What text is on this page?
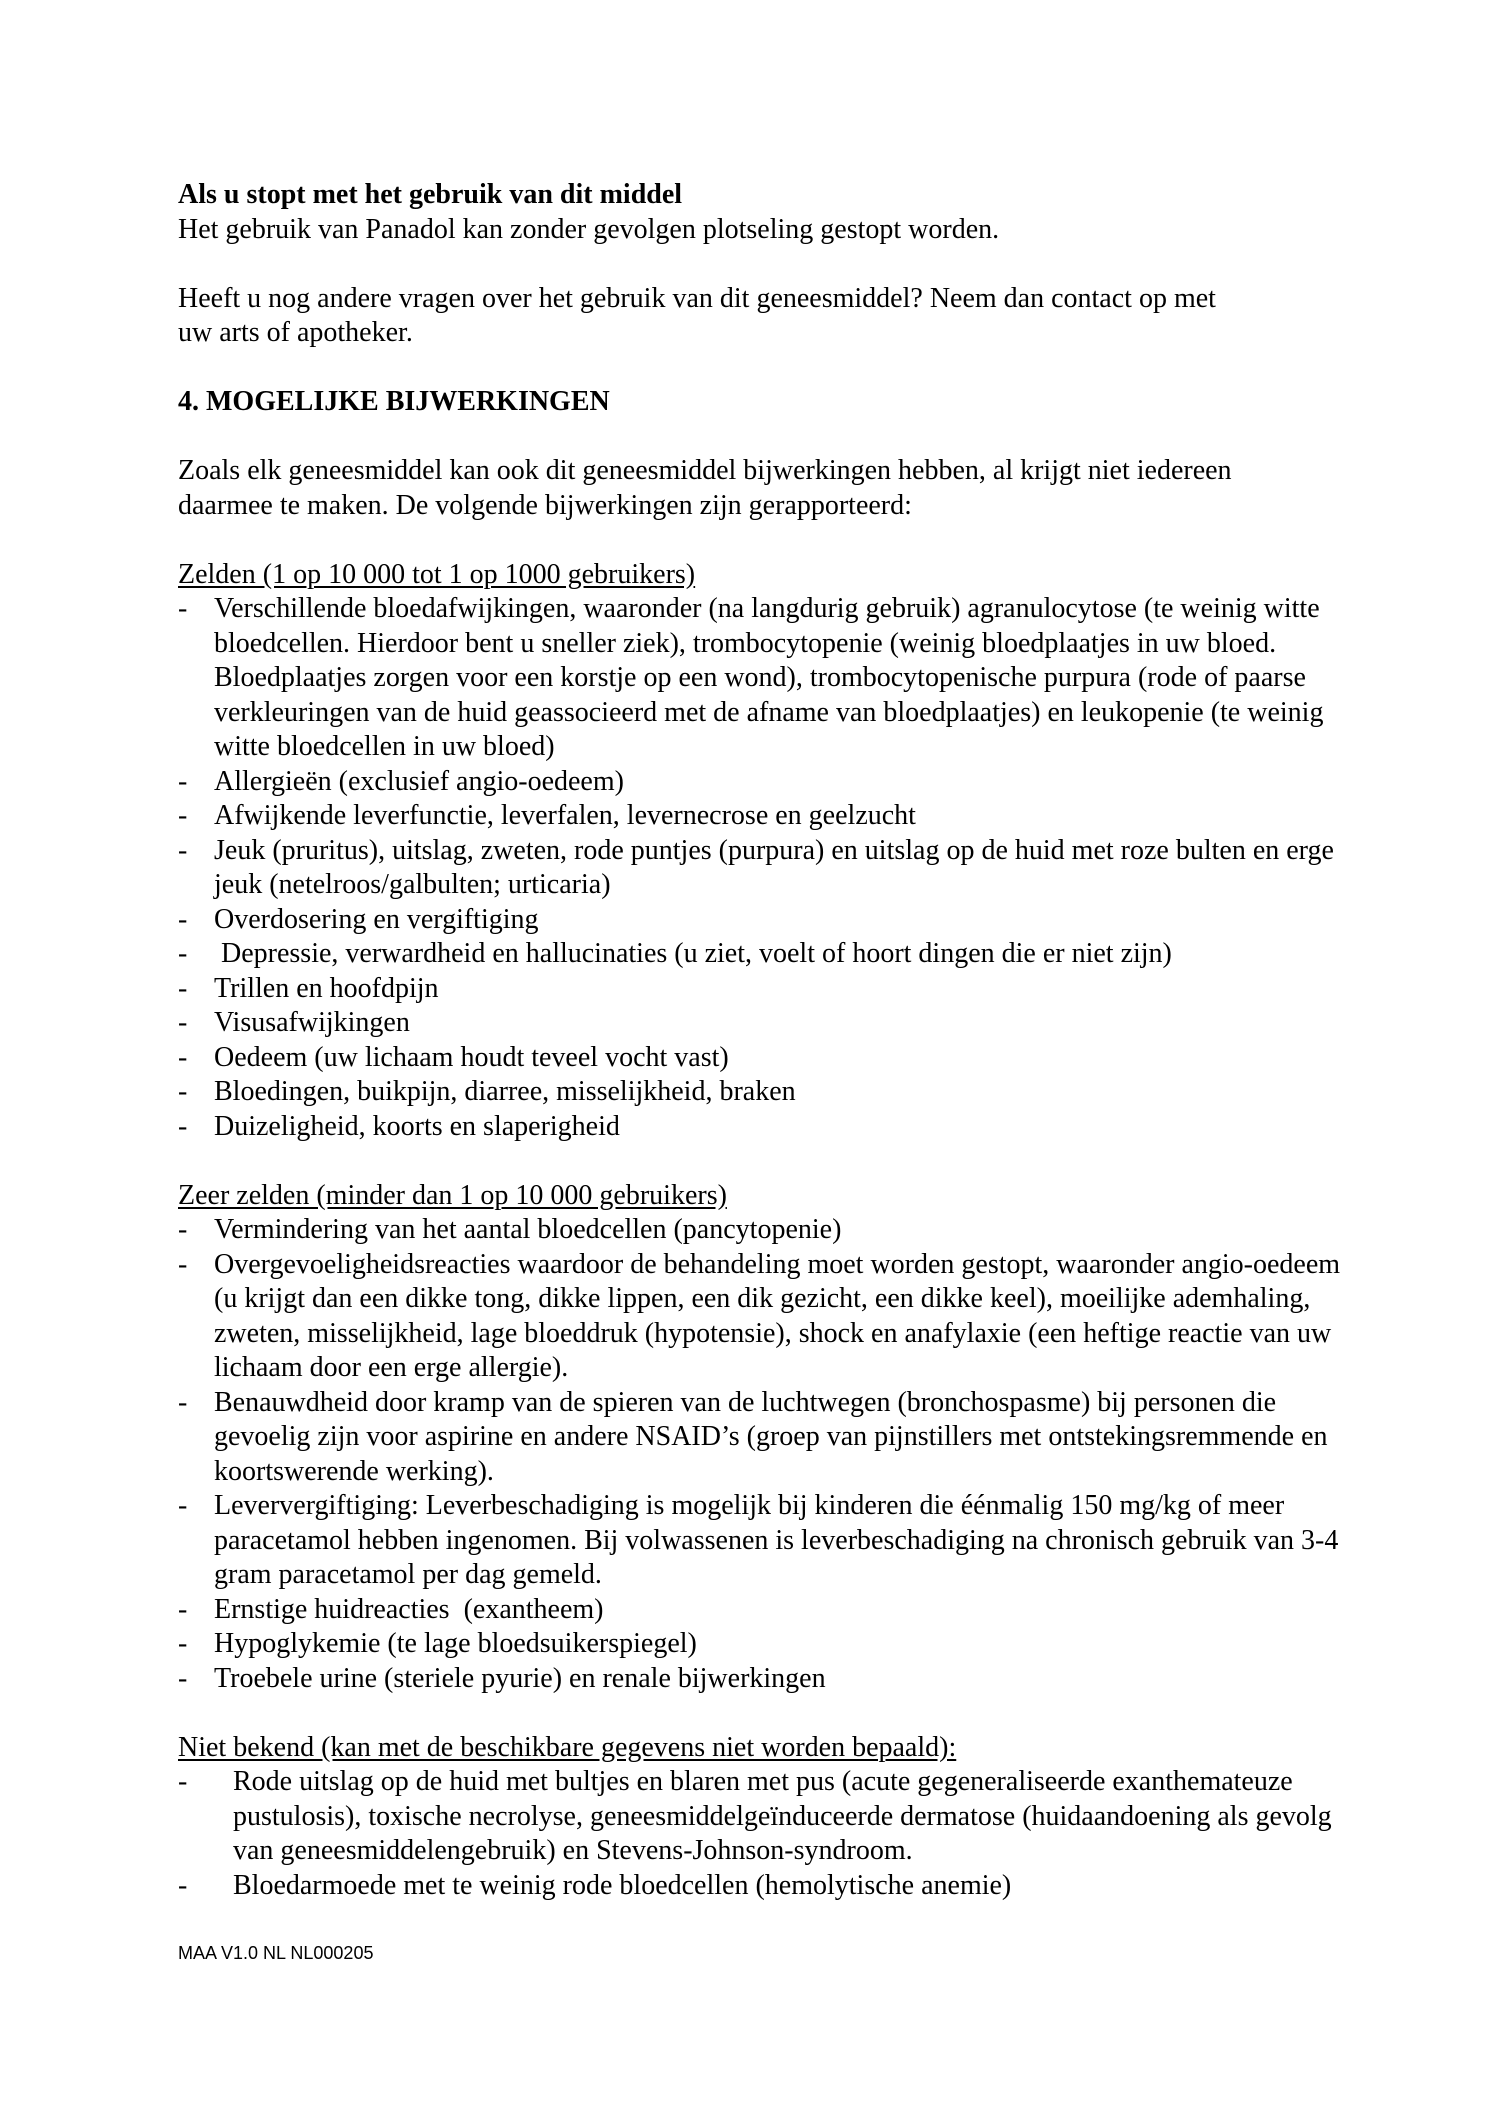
Als u stopt met het gebruik van dit middel
Het gebruik van Panadol kan zonder gevolgen plotseling gestopt worden.
Heeft u nog andere vragen over het gebruik van dit geneesmiddel? Neem dan contact op met
uw arts of apotheker.
4. MOGELIJKE BIJWERKINGEN
Zoals elk geneesmiddel kan ook dit geneesmiddel bijwerkingen hebben, al krijgt niet iedereen
daarmee te maken. De volgende bijwerkingen zijn gerapporteerd:
Zelden (1 op 10 000 tot 1 op 1000 gebruikers)
- Verschillende bloedafwijkingen, waaronder (na langdurig gebruik) agranulocytose (te weinig witte bloedcellen. Hierdoor bent u sneller ziek), trombocytopenie (weinig bloedplaatjes in uw bloed. Bloedplaatjes zorgen voor een korstje op een wond), trombocytopenische purpura (rode of paarse verkleuringen van de huid geassocieerd met de afname van bloedplaatjes) en leukopenie (te weinig witte bloedcellen in uw bloed)
- Allergieën (exclusief angio-oedeem)
- Afwijkende leverfunctie, leverfalen, levernecrose en geelzucht
- Jeuk (pruritus), uitslag, zweten, rode puntjes (purpura) en uitslag op de huid met roze bulten en erge jeuk (netelroos/galbulten; urticaria)
- Overdosering en vergiftiging
- Depressie, verwardheid en hallucinaties (u ziet, voelt of hoort dingen die er niet zijn)
- Trillen en hoofdpijn
- Visusafwijkingen
- Oedeem (uw lichaam houdt teveel vocht vast)
- Bloedingen, buikpijn, diarree, misselijkheid, braken
- Duizeligheid, koorts en slaperigheid
Zeer zelden (minder dan 1 op 10 000 gebruikers)
- Vermindering van het aantal bloedcellen (pancytopenie)
- Overgevoeligheidsreacties waardoor de behandeling moet worden gestopt, waaronder angio-oedeem (u krijgt dan een dikke tong, dikke lippen, een dik gezicht, een dikke keel), moeilijke ademhaling, zweten, misselijkheid, lage bloeddruk (hypotensie), shock en anafylaxie (een heftige reactie van uw lichaam door een erge allergie).
- Benauwdheid door kramp van de spieren van de luchtwegen (bronchospasme) bij personen die gevoelig zijn voor aspirine en andere NSAID’s (groep van pijnstillers met ontstekingsremmende en koortswerende werking).
- Leververgiftiging: Leverbeschadiging is mogelijk bij kinderen die éénmalig 150 mg/kg of meer paracetamol hebben ingenomen. Bij volwassenen is leverbeschadiging na chronisch gebruik van 3-4 gram paracetamol per dag gemeld.
- Ernstige huidreacties  (exantheem)
- Hypoglykemie (te lage bloedsuikerspiegel)
- Troebele urine (steriele pyurie) en renale bijwerkingen
Niet bekend (kan met de beschikbare gegevens niet worden bepaald):
- Rode uitslag op de huid met bultjes en blaren met pus (acute gegeneraliseerde exanthemateuze pustulosis), toxische necrolyse, geneesmiddelgeïnduceerde dermatose (huidaandoening als gevolg van geneesmiddelengebruik) en Stevens-Johnson-syndroom.
- Bloedarmoede met te weinig rode bloedcellen (hemolytische anemie)
MAA V1.0 NL NL000205
